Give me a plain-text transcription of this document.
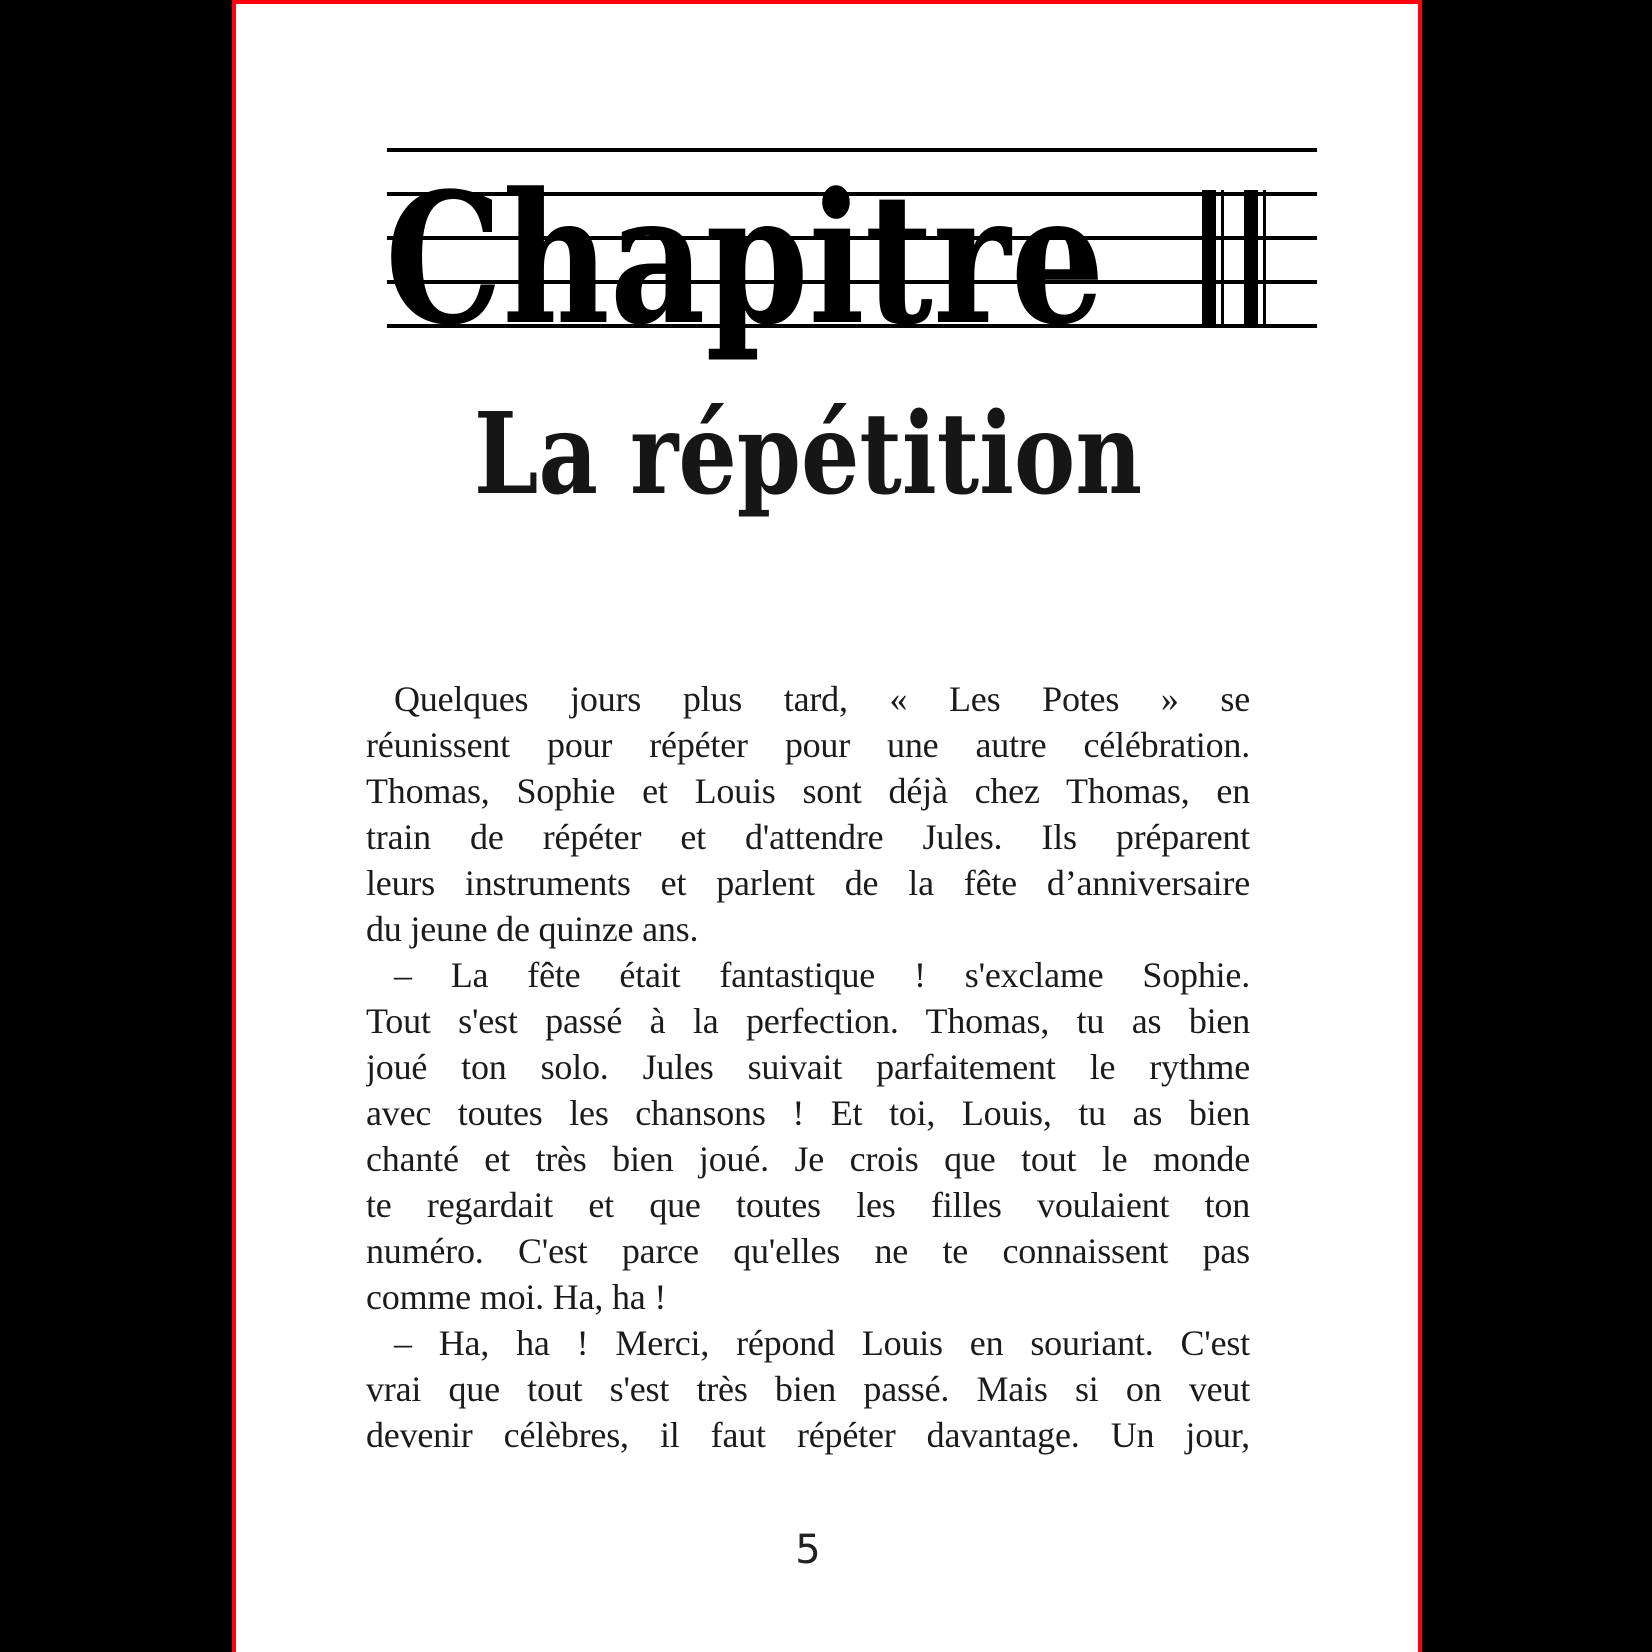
Chapitre
La répétition

Quelques jours plus tard, « Les Potes » se

réunissent pour répéter pour une autre célébration.

Thomas, Sophie et Louis sont déjà chez Thomas, en

train de répéter et d'attendre Jules. Ils préparent

leurs instruments et parlent de la fête d’anniversaire

du jeune de quinze ans.

– La fête était fantastique ! s'exclame Sophie.

Tout s'est passé à la perfection. Thomas, tu as bien

joué ton solo. Jules suivait parfaitement le rythme

avec toutes les chansons ! Et toi, Louis, tu as bien

chanté et très bien joué. Je crois que tout le monde

te regardait et que toutes les filles voulaient ton

numéro. C'est parce qu'elles ne te connaissent pas

comme moi. Ha, ha !

– Ha, ha ! Merci, répond Louis en souriant. C'est

vrai que tout s'est très bien passé. Mais si on veut

devenir célèbres, il faut répéter davantage. Un jour,

5
